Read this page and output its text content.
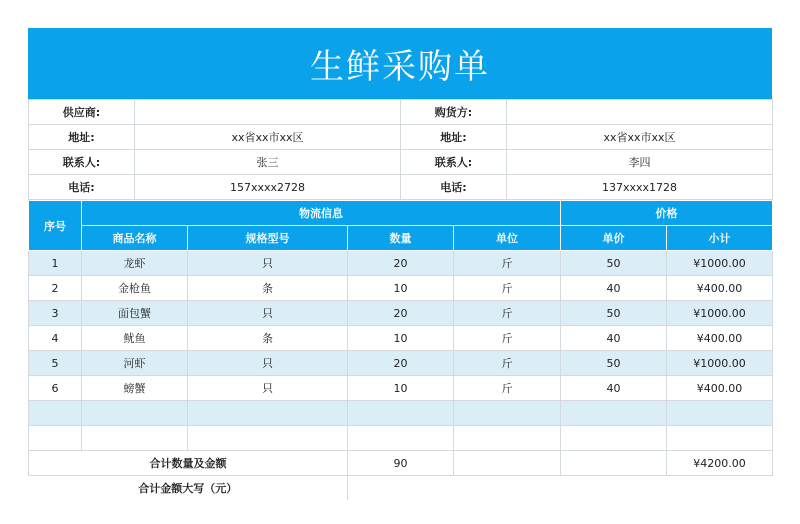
生鲜采购单
供应商:		购货方:	
地址:	xx省xx市xx区	地址:	xx省xx市xx区
联系人:	张三	联系人:	李四
电话:	157xxxx2728	电话:	137xxxx1728
序号	物流信息				价格	
	商品名称	规格型号	数量	单位	单价	小计
1	龙虾	只	20	斤	50	¥1000.00
2	金枪鱼	条	10	斤	40	¥400.00
3	面包蟹	只	20	斤	50	¥1000.00
4	鱿鱼	条	10	斤	40	¥400.00
5	河虾	只	20	斤	50	¥1000.00
6	螃蟹	只	10	斤	40	¥400.00

合计数量及金额			90			¥4200.00
合计金额大写（元）						
